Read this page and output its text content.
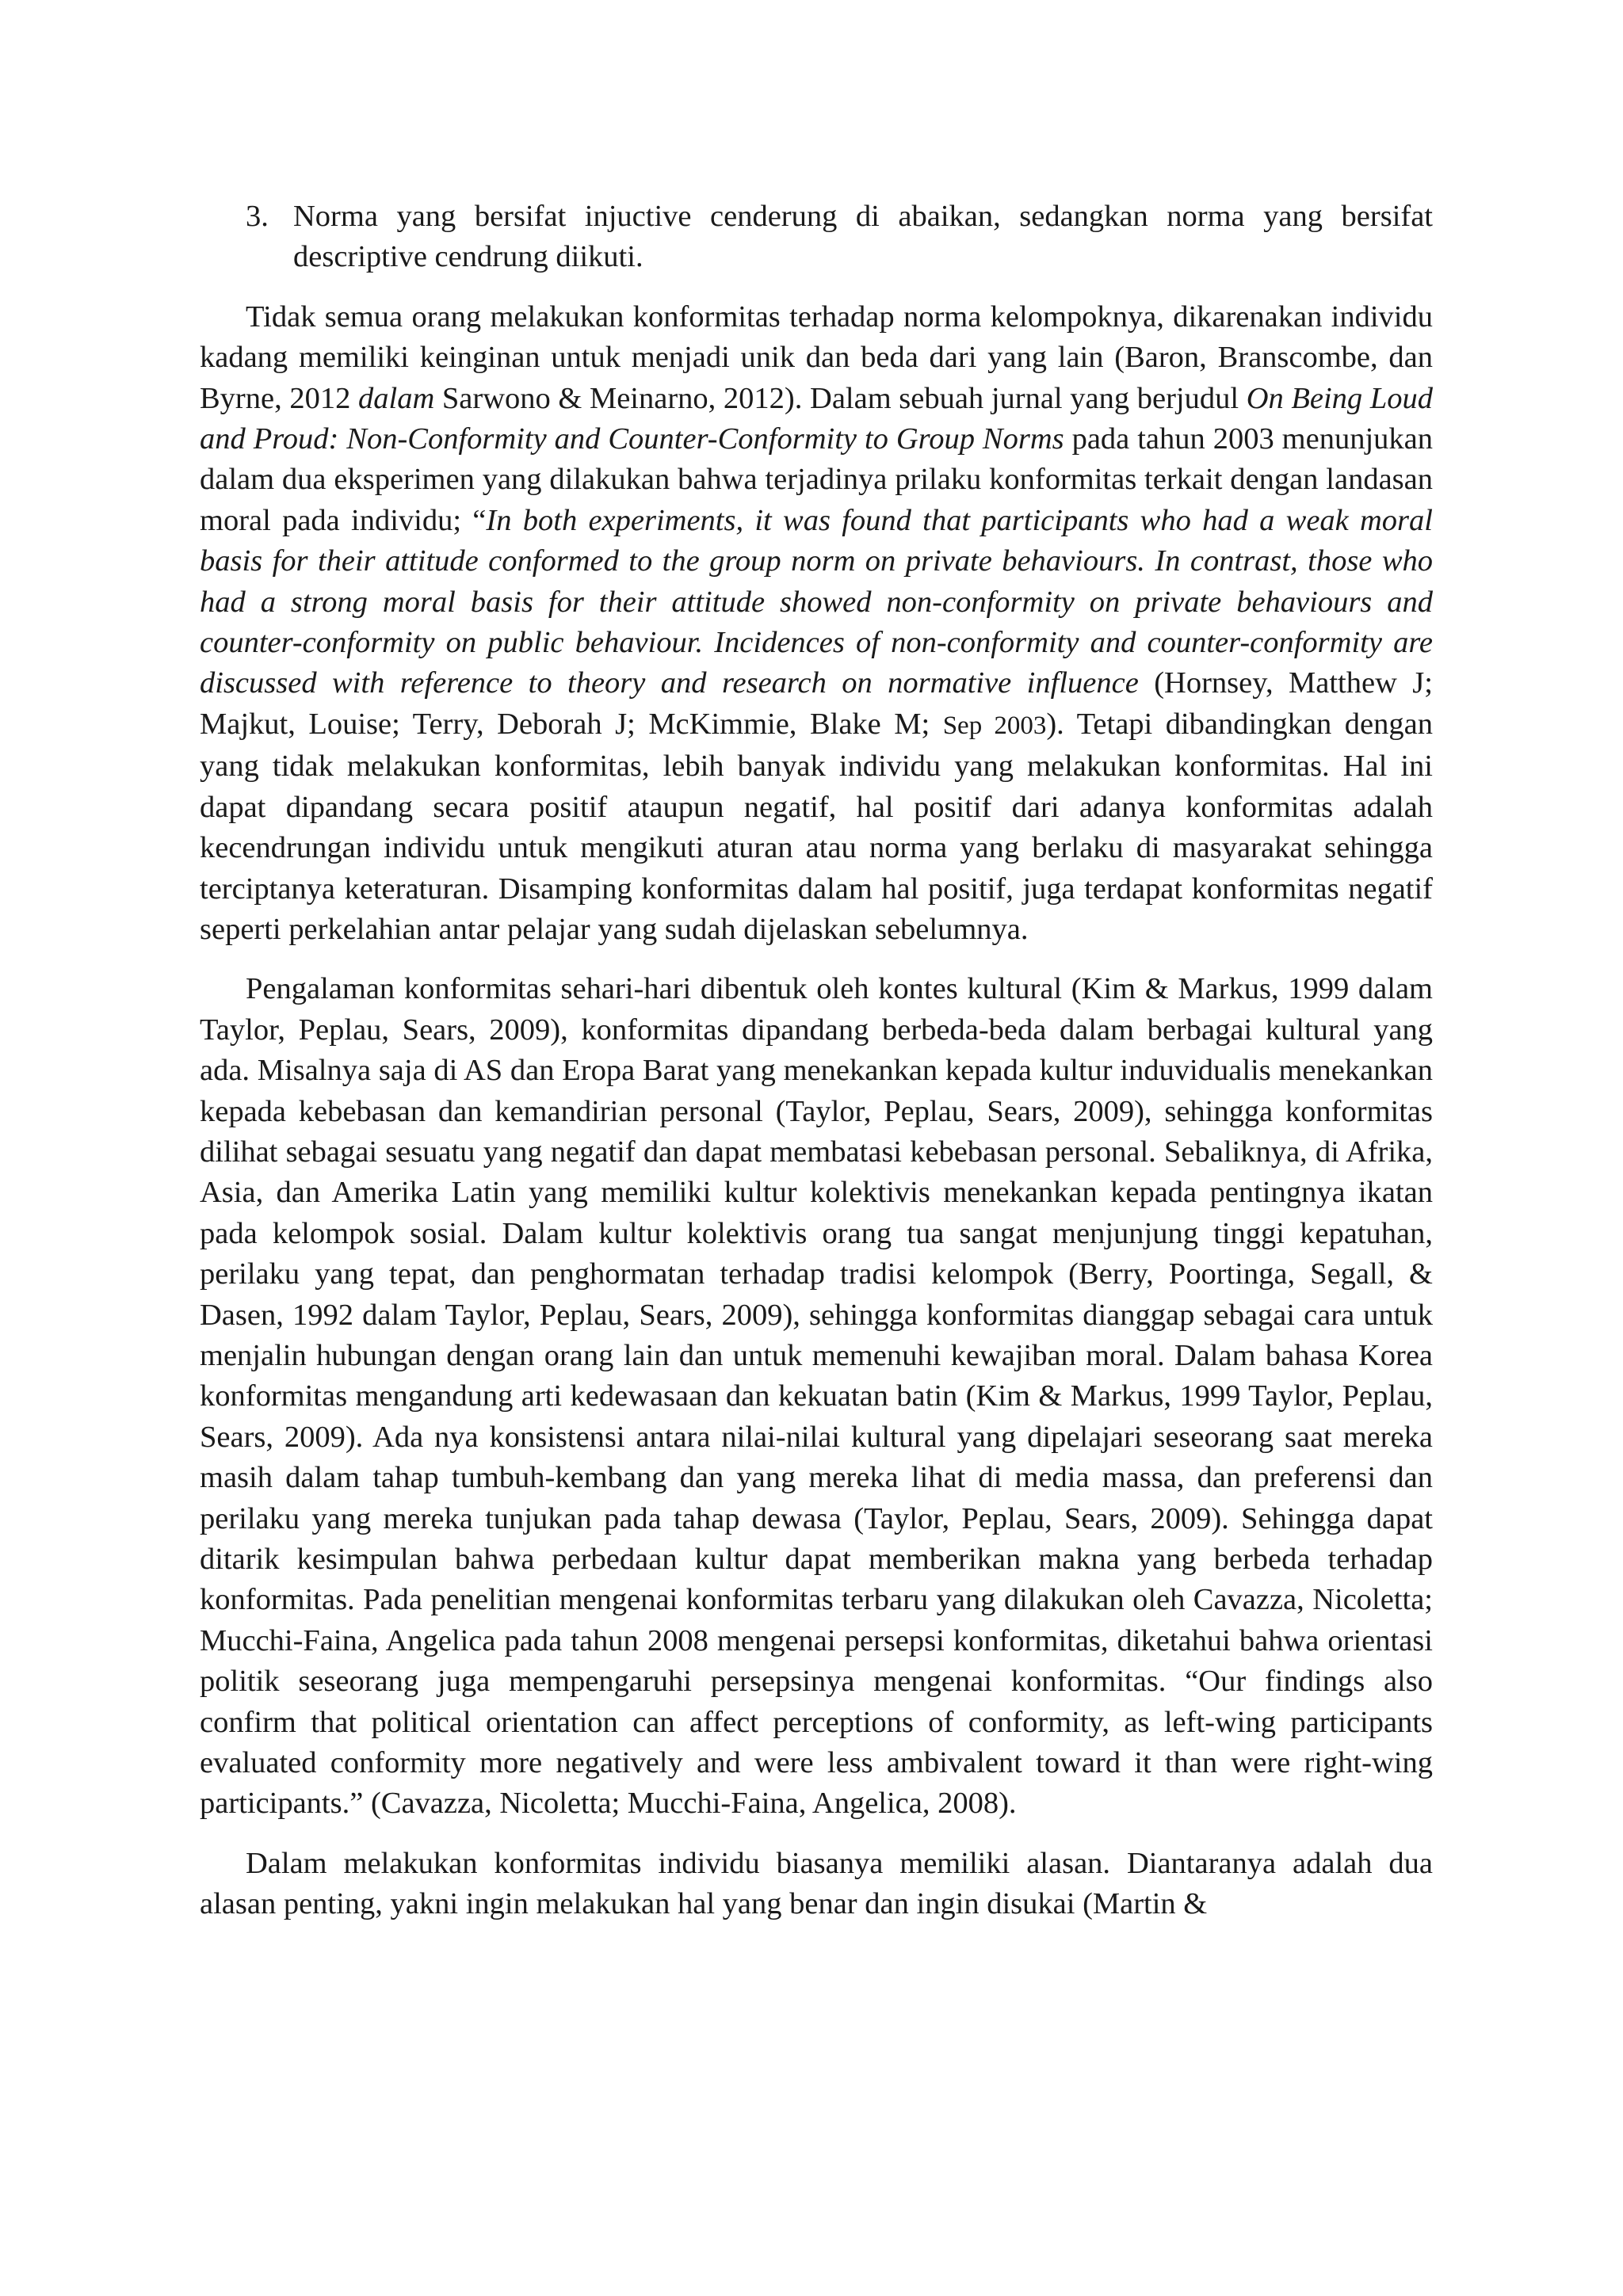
3. Norma yang bersifat injuctive cenderung di abaikan, sedangkan norma yang bersifat descriptive cendrung diikuti.

Tidak semua orang melakukan konformitas terhadap norma kelompoknya, dikarenakan individu kadang memiliki keinginan untuk menjadi unik dan beda dari yang lain (Baron, Branscombe, dan Byrne, 2012 dalam Sarwono & Meinarno, 2012). Dalam sebuah jurnal yang berjudul On Being Loud and Proud: Non-Conformity and Counter-Conformity to Group Norms pada tahun 2003 menunjukan dalam dua eksperimen yang dilakukan bahwa terjadinya prilaku konformitas terkait dengan landasan moral pada individu; “In both experiments, it was found that participants who had a weak moral basis for their attitude conformed to the group norm on private behaviours. In contrast, those who had a strong moral basis for their attitude showed non-conformity on private behaviours and counter-conformity on public behaviour. Incidences of non-conformity and counter-conformity are discussed with reference to theory and research on normative influence (Hornsey, Matthew J; Majkut, Louise; Terry, Deborah J; McKimmie, Blake M; Sep 2003). Tetapi dibandingkan dengan yang tidak melakukan konformitas, lebih banyak individu yang melakukan konformitas. Hal ini dapat dipandang secara positif ataupun negatif, hal positif dari adanya konformitas adalah kecendrungan individu untuk mengikuti aturan atau norma yang berlaku di masyarakat sehingga terciptanya keteraturan. Disamping konformitas dalam hal positif, juga terdapat konformitas negatif seperti perkelahian antar pelajar yang sudah dijelaskan sebelumnya.

Pengalaman konformitas sehari-hari dibentuk oleh kontes kultural (Kim & Markus, 1999 dalam Taylor, Peplau, Sears, 2009), konformitas dipandang berbeda-beda dalam berbagai kultural yang ada. Misalnya saja di AS dan Eropa Barat yang menekankan kepada kultur induvidualis menekankan kepada kebebasan dan kemandirian personal (Taylor, Peplau, Sears, 2009), sehingga konformitas dilihat sebagai sesuatu yang negatif dan dapat membatasi kebebasan personal. Sebaliknya, di Afrika, Asia, dan Amerika Latin yang memiliki kultur kolektivis menekankan kepada pentingnya ikatan pada kelompok sosial. Dalam kultur kolektivis orang tua sangat menjunjung tinggi kepatuhan, perilaku yang tepat, dan penghormatan terhadap tradisi kelompok (Berry, Poortinga, Segall, & Dasen, 1992 dalam Taylor, Peplau, Sears, 2009), sehingga konformitas dianggap sebagai cara untuk menjalin hubungan dengan orang lain dan untuk memenuhi kewajiban moral. Dalam bahasa Korea konformitas mengandung arti kedewasaan dan kekuatan batin (Kim & Markus, 1999 Taylor, Peplau, Sears, 2009). Ada nya konsistensi antara nilai-nilai kultural yang dipelajari seseorang saat mereka masih dalam tahap tumbuh-kembang dan yang mereka lihat di media massa, dan preferensi dan perilaku yang mereka tunjukan pada tahap dewasa (Taylor, Peplau, Sears, 2009). Sehingga dapat ditarik kesimpulan bahwa perbedaan kultur dapat memberikan makna yang berbeda terhadap konformitas. Pada penelitian mengenai konformitas terbaru yang dilakukan oleh Cavazza, Nicoletta; Mucchi-Faina, Angelica pada tahun 2008 mengenai persepsi konformitas, diketahui bahwa orientasi politik seseorang juga mempengaruhi persepsinya mengenai konformitas. “Our findings also confirm that political orientation can affect perceptions of conformity, as left-wing participants evaluated conformity more negatively and were less ambivalent toward it than were right-wing participants.” (Cavazza, Nicoletta; Mucchi-Faina, Angelica, 2008).

Dalam melakukan konformitas individu biasanya memiliki alasan. Diantaranya adalah dua alasan penting, yakni ingin melakukan hal yang benar dan ingin disukai (Martin &
